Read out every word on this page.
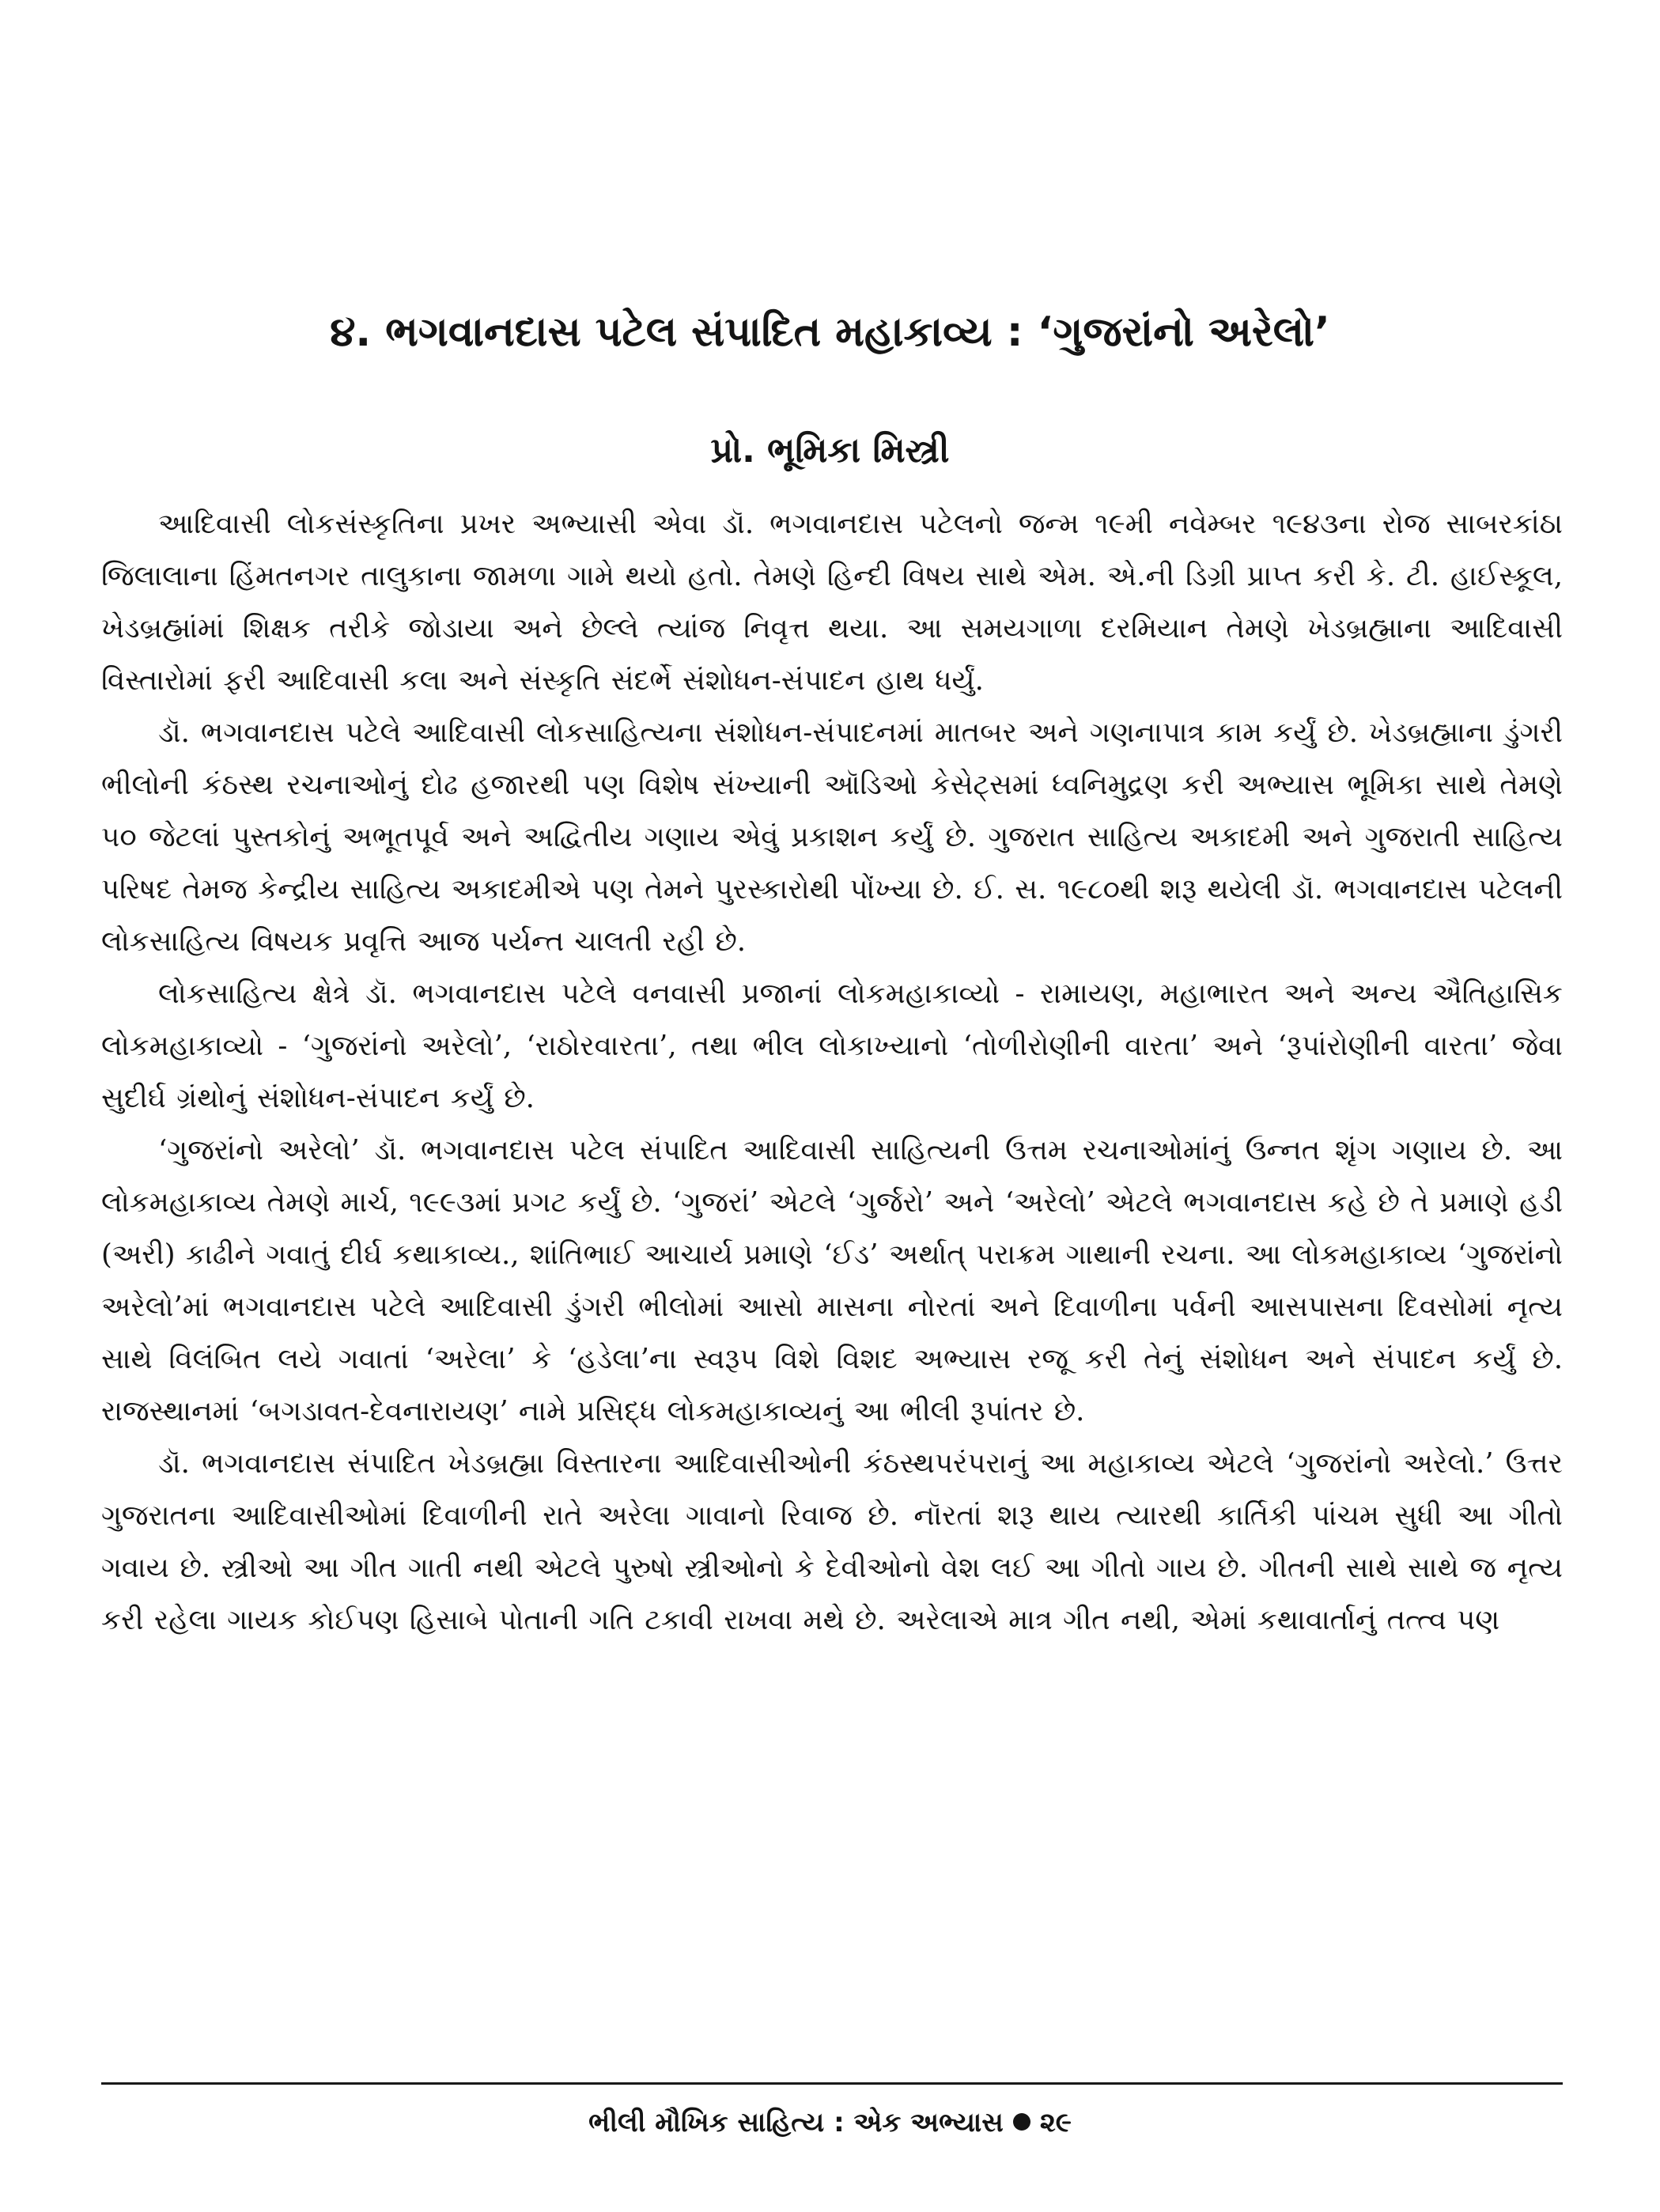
૪. ભગવાનદાસ પટેલ સંપાદિત મહાકાવ્ય : ‘ગુજરાંનો અરેલો’
પ્રો. ભૂમિકા મિસ્ત્રી

આદિવાસી લોકસંસ્કૃતિના પ્રખર અભ્યાસી એવા ડૉ. ભગવાનદાસ પટેલનો જન્મ ૧૯મી નવેમ્બર ૧૯૪૩ના રોજ સાબરકાંઠા જિલાલાના હિંમતનગર તાલુકાના જામળા ગામે થયો હતો. તેમણે હિન્દી વિષય સાથે એમ. એ.ની ડિગ્રી પ્રાપ્ત કરી કે. ટી. હાઈસ્કૂલ, ખેડબ્રહ્માંમાં શિક્ષક તરીકે જોડાયા અને છેલ્લે ત્યાંજ નિવૃત્ત થયા. આ સમયગાળા દરમિયાન તેમણે ખેડબ્રહ્માના આદિવાસી વિસ્તારોમાં ફરી આદિવાસી કલા અને સંસ્કૃતિ સંદર્ભે સંશોધન-સંપાદન હાથ ધર્યું.

ડૉ. ભગવાનદાસ પટેલે આદિવાસી લોકસાહિત્યના સંશોધન-સંપાદનમાં માતબર અને ગણનાપાત્ર કામ કર્યું છે. ખેડબ્રહ્માના ડુંગરી ભીલોની કંઠસ્થ રચનાઓનું દોઢ હજારથી પણ વિશેષ સંખ્યાની ઑડિઓ કેસેટ્સમાં ધ્વનિમુદ્રણ કરી અભ્યાસ ભૂમિકા સાથે તેમણે ૫૦ જેટલાં પુસ્તકોનું અભૂતપૂર્વ અને અદ્વિતીય ગણાય એવું પ્રકાશન કર્યું છે. ગુજરાત સાહિત્ય અકાદમી અને ગુજરાતી સાહિત્ય પરિષદ તેમજ કેન્દ્રીય સાહિત્ય અકાદમીએ પણ તેમને પુરસ્કારોથી પોંખ્યા છે. ઈ. સ. ૧૯૮૦થી શરૂ થયેલી ડૉ. ભગવાનદાસ પટેલની લોકસાહિત્ય વિષયક પ્રવૃત્તિ આજ પર્યન્ત ચાલતી રહી છે.

લોકસાહિત્ય ક્ષેત્રે ડૉ. ભગવાનદાસ પટેલે વનવાસી પ્રજાનાં લોકમહાકાવ્યો - રામાયણ, મહાભારત અને અન્ય ઐતિહાસિક લોકમહાકાવ્યો - ‘ગુજરાંનો અરેલો’, ‘રાઠોરવારતા’, તથા ભીલ લોકાખ્યાનો ‘તોળીરોણીની વારતા’ અને ‘રૂપાંરોણીની વારતા’ જેવા સુદીર્ઘ ગ્રંથોનું સંશોધન-સંપાદન કર્યું છે.

‘ગુજરાંનો અરેલો’ ડૉ. ભગવાનદાસ પટેલ સંપાદિત આદિવાસી સાહિત્યની ઉત્તમ રચનાઓમાંનું ઉન્નત શૃંગ ગણાય છે. આ લોકમહાકાવ્ય તેમણે માર્ચ, ૧૯૯૩માં પ્રગટ કર્યું છે. ‘ગુજરાં’ એટલે ‘ગુર્જરો’ અને ‘અરેલો’ એટલે ભગવાનદાસ કહે છે તે પ્રમાણે હડી (અરી) કાઢીને ગવાતું દીર્ઘ કથાકાવ્ય., શાંતિભાઈ આચાર્ય પ્રમાણે ‘ઈડ’ અર્થાત્ પરાક્રમ ગાથાની રચના. આ લોકમહાકાવ્ય ‘ગુજરાંનો અરેલો’માં ભગવાનદાસ પટેલે આદિવાસી ડુંગરી ભીલોમાં આસો માસના નોરતાં અને દિવાળીના પર્વની આસપાસના દિવસોમાં નૃત્ય સાથે વિલંબિત લયે ગવાતાં ‘અરેલા’ કે ‘હડેલા’ના સ્વરૂપ વિશે વિશદ અભ્યાસ રજૂ કરી તેનું સંશોધન અને સંપાદન કર્યું છે. રાજસ્થાનમાં ‘બગડાવત-દેવનારાયણ’ નામે પ્રસિદ્ધ લોકમહાકાવ્યનું આ ભીલી રૂપાંતર છે.

ડૉ. ભગવાનદાસ સંપાદિત ખેડબ્રહ્મા વિસ્તારના આદિવાસીઓની કંઠસ્થપરંપરાનું આ મહાકાવ્ય એટલે ‘ગુજરાંનો અરેલો.’ ઉત્તર ગુજરાતના આદિવાસીઓમાં દિવાળીની રાતે અરેલા ગાવાનો રિવાજ છે. નૉરતાં શરૂ થાય ત્યારથી કાર્તિકી પાંચમ સુધી આ ગીતો ગવાય છે. સ્ત્રીઓ આ ગીત ગાતી નથી એટલે પુરુષો સ્ત્રીઓનો કે દેવીઓનો વેશ લઈ આ ગીતો ગાય છે. ગીતની સાથે સાથે જ નૃત્ય કરી રહેલા ગાયક કોઈપણ હિસાબે પોતાની ગતિ ટકાવી રાખવા મથે છે. અરેલાએ માત્ર ગીત નથી, એમાં કથાવાર્તાનું તત્ત્વ પણ

ભીલી મૌખિક સાહિત્ય : એક અભ્યાસ ૨૯
